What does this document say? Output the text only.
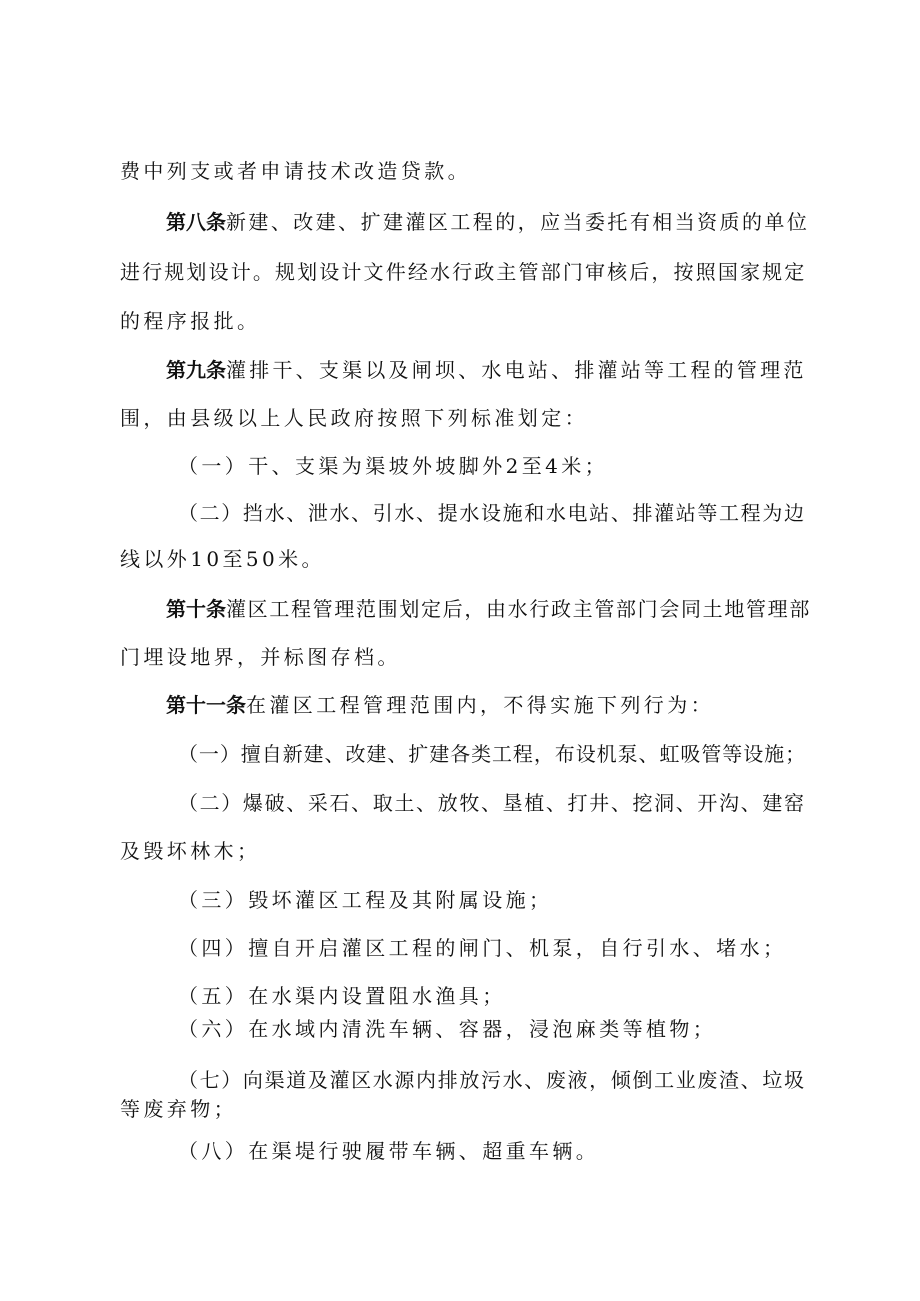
费中列支或者申请技术改造贷款。
第八条新建、改建、扩建灌区工程的，应当委托有相当资质的单位
进行规划设计。规划设计文件经水行政主管部门审核后，按照国家规定
的程序报批。
第九条灌排干、支渠以及闸坝、水电站、排灌站等工程的管理范
围，由县级以上人民政府按照下列标准划定：
（一）干、支渠为渠坡外坡脚外2至4米；
（二）挡水、泄水、引水、提水设施和水电站、排灌站等工程为边
线以外10至50米。
第十条灌区工程管理范围划定后，由水行政主管部门会同土地管理部
门埋设地界，并标图存档。
第十一条在灌区工程管理范围内，不得实施下列行为：
（一）擅自新建、改建、扩建各类工程，布设机泵、虹吸管等设施；
（二）爆破、采石、取土、放牧、垦植、打井、挖洞、开沟、建窑
及毁坏林木；
（三）毁坏灌区工程及其附属设施；
（四）擅自开启灌区工程的闸门、机泵，自行引水、堵水；
（五）在水渠内设置阻水渔具；
（六）在水域内清洗车辆、容器，浸泡麻类等植物；
（七）向渠道及灌区水源内排放污水、废液，倾倒工业废渣、垃圾
等废弃物；
（八）在渠堤行驶履带车辆、超重车辆。
